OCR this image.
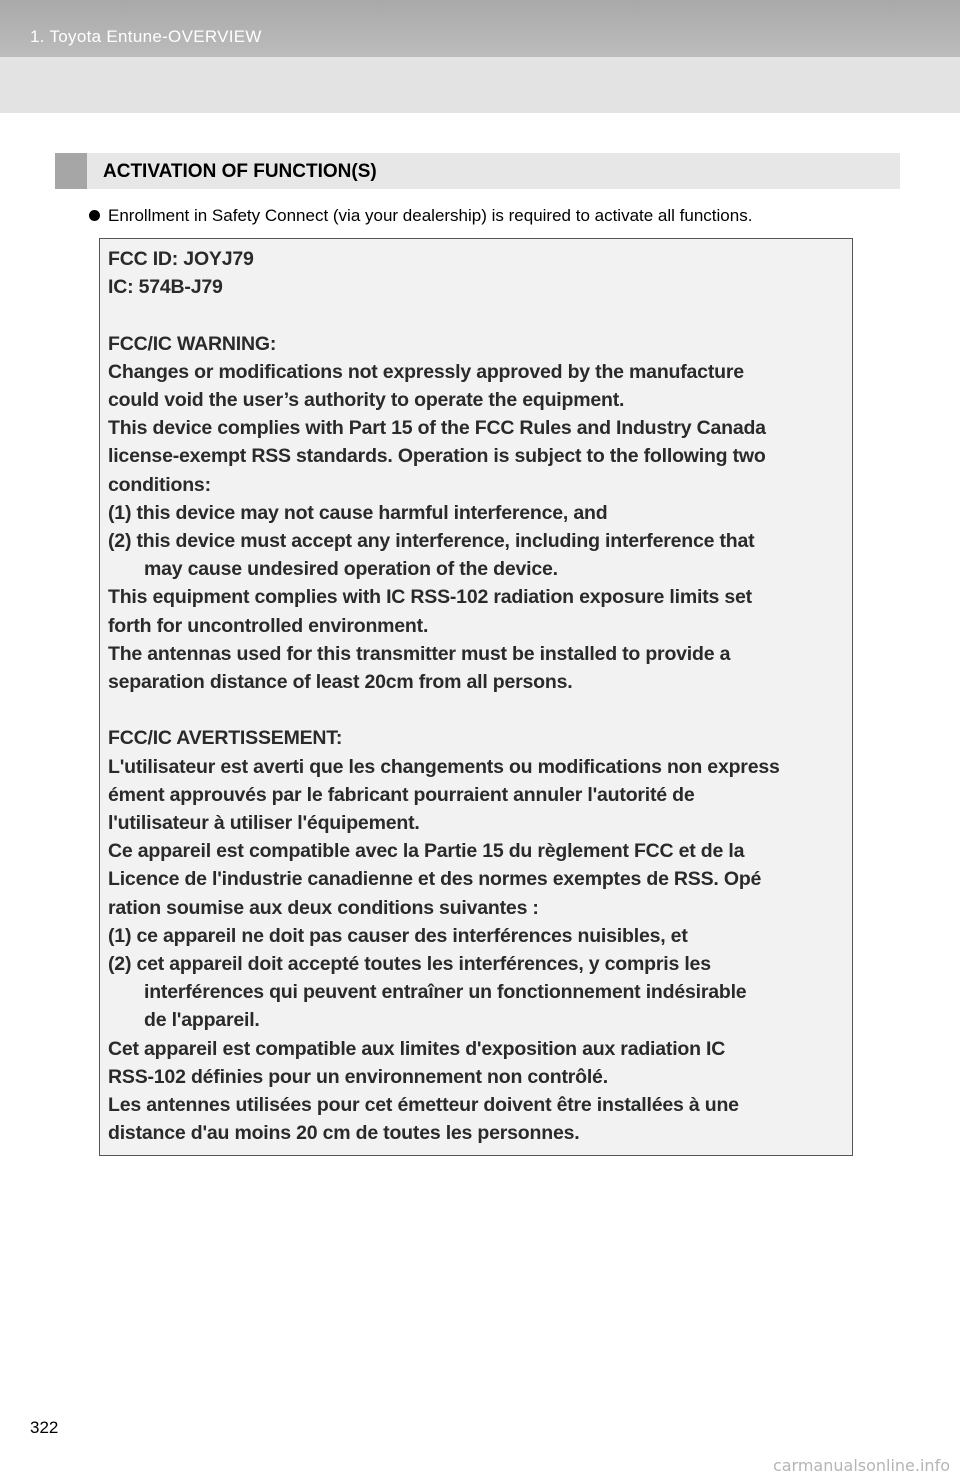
1. Toyota Entune-OVERVIEW
ACTIVATION OF FUNCTION(S)
Enrollment in Safety Connect (via your dealership) is required to activate all functions.
FCC ID: JOYJ79
IC: 574B-J79
FCC/IC WARNING:
Changes or modifications not expressly approved by the manufacture
could void the user’s authority to operate the equipment.
This device complies with Part 15 of the FCC Rules and Industry Canada
license-exempt RSS standards. Operation is subject to the following two
conditions:
(1) this device may not cause harmful interference, and
(2) this device must accept any interference, including interference that
may cause undesired operation of the device.
This equipment complies with IC RSS-102 radiation exposure limits set
forth for uncontrolled environment.
The antennas used for this transmitter must be installed to provide a
separation distance of least 20cm from all persons.
FCC/IC AVERTISSEMENT:
L'utilisateur est averti que les changements ou modifications non express
ément approuvés par le fabricant pourraient annuler l'autorité de
l'utilisateur à utiliser l'équipement.
Ce appareil est compatible avec la Partie 15 du règlement FCC et de la
Licence de l'industrie canadienne et des normes exemptes de RSS. Opé
ration soumise aux deux conditions suivantes :
(1) ce appareil ne doit pas causer des interférences nuisibles, et
(2) cet appareil doit accepté toutes les interférences, y compris les
interférences qui peuvent entraîner un fonctionnement indésirable
de l'appareil.
Cet appareil est compatible aux limites d'exposition aux radiation IC
RSS-102 définies pour un environnement non contrôlé.
Les antennes utilisées pour cet émetteur doivent être installées à une
distance d'au moins 20 cm de toutes les personnes.
322
carmanualsonline.info
